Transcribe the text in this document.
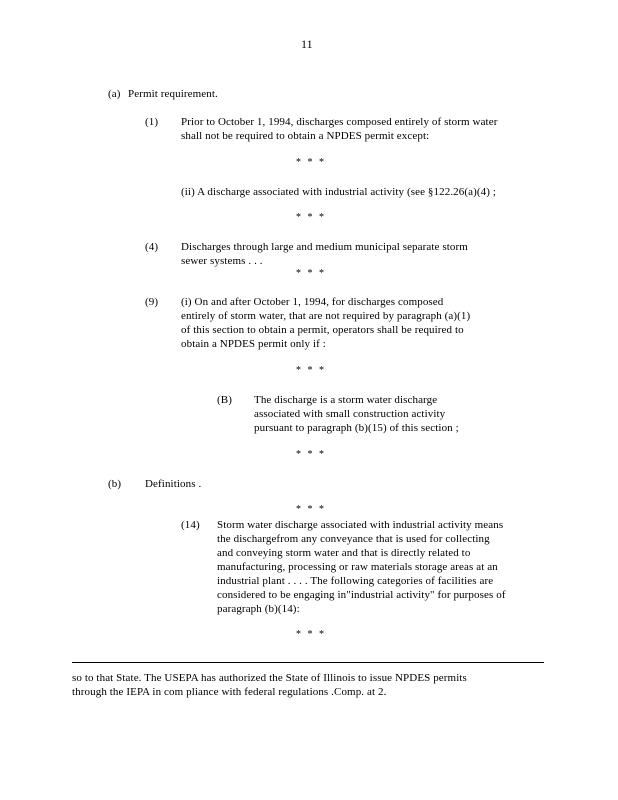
11
(a) Permit requirement.
(1) Prior to October 1, 1994, discharges composed entirely of storm water
shall not be required to obtain a NPDES permit except:
* * *
(ii) A discharge associated with industrial activity (see §122.26(a)(4) ;
* * *
(4) Discharges through large and medium municipal separate storm
sewer systems . . .
* * *
(9) (i) On and after October 1, 1994, for discharges composed
entirely of storm water, that are not required by paragraph (a)(1)
of this section to obtain a permit, operators shall be required to
obtain a NPDES permit only if :
* * *
(B) The discharge is a storm water discharge
associated with small construction activity
pursuant to paragraph (b)(15) of this section ;
* * *
(b) Definitions .
* * *
(14) Storm water discharge associated with industrial activity means
the dischargefrom any conveyance that is used for collecting
and conveying storm water and that is directly related to
manufacturing, processing or raw materials storage areas at an
industrial plant . . . . The following categories of facilities are
considered to be engaging in"industrial activity" for purposes of
paragraph (b)(14):
* * *
so to that State. The USEPA has authorized the State of Illinois to issue NPDES permits
through the IEPA in com pliance with federal regulations .Comp. at 2.
